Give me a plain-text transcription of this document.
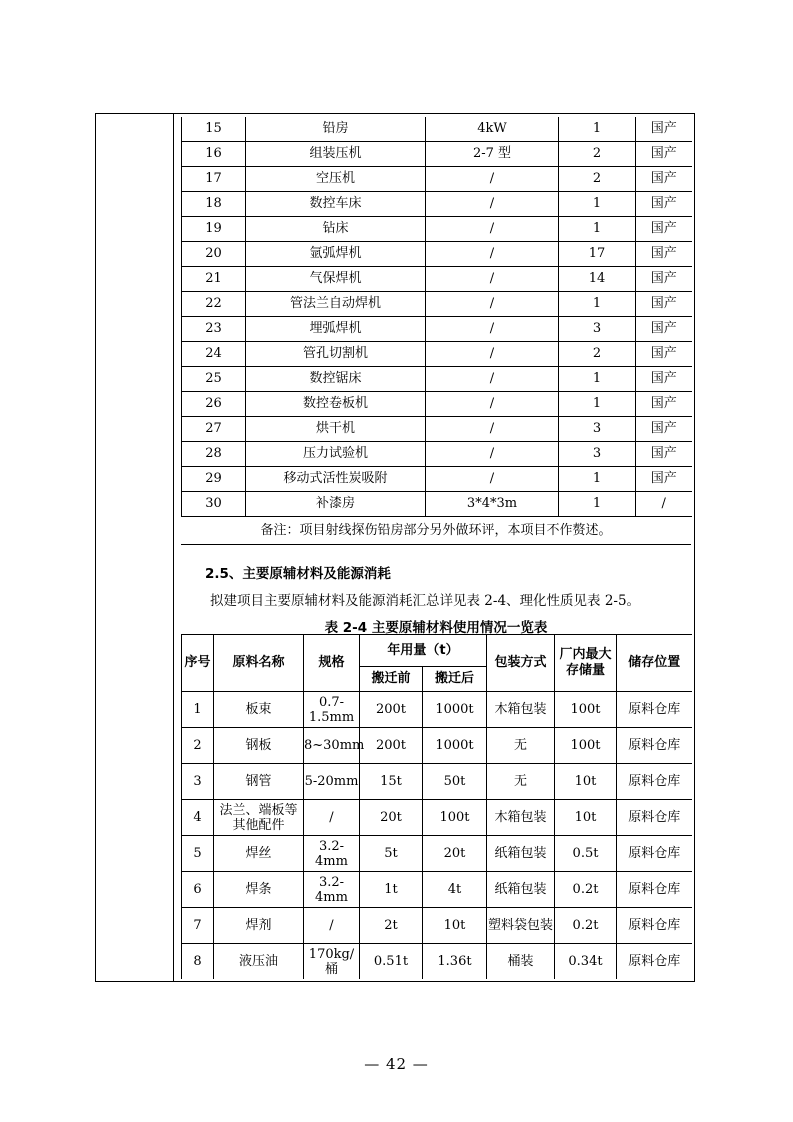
15	铅房	4kW	1	国产
16	组装压机	2-7 型	2	国产
17	空压机	/	2	国产
18	数控车床	/	1	国产
19	钻床	/	1	国产
20	氩弧焊机	/	17	国产
21	气保焊机	/	14	国产
22	管法兰自动焊机	/	1	国产
23	埋弧焊机	/	3	国产
24	管孔切割机	/	2	国产
25	数控锯床	/	1	国产
26	数控卷板机	/	1	国产
27	烘干机	/	3	国产
28	压力试验机	/	3	国产
29	移动式活性炭吸附	/	1	国产
30	补漆房	3*4*3m	1	/
备注：项目射线探伤铅房部分另外做环评，本项目不作赘述。
2.5、主要原辅材料及能源消耗
拟建项目主要原辅材料及能源消耗汇总详见表 2-4、理化性质见表 2-5。
表 2-4 主要原辅材料使用情况一览表
序号	原料名称	规格	年用量（t）		包装方式	厂内最大存储量	储存位置
			搬迁前	搬迁后			
1	板束	0.7-1.5mm	200t	1000t	木箱包装	100t	原料仓库
2	钢板	8~30mm	200t	1000t	无	100t	原料仓库
3	钢管	5-20mm	15t	50t	无	10t	原料仓库
4	法兰、端板等其他配件	/	20t	100t	木箱包装	10t	原料仓库
5	焊丝	3.2-4mm	5t	20t	纸箱包装	0.5t	原料仓库
6	焊条	3.2-4mm	1t	4t	纸箱包装	0.2t	原料仓库
7	焊剂	/	2t	10t	塑料袋包装	0.2t	原料仓库
8	液压油	170kg/桶	0.51t	1.36t	桶装	0.34t	原料仓库
— 42 —
